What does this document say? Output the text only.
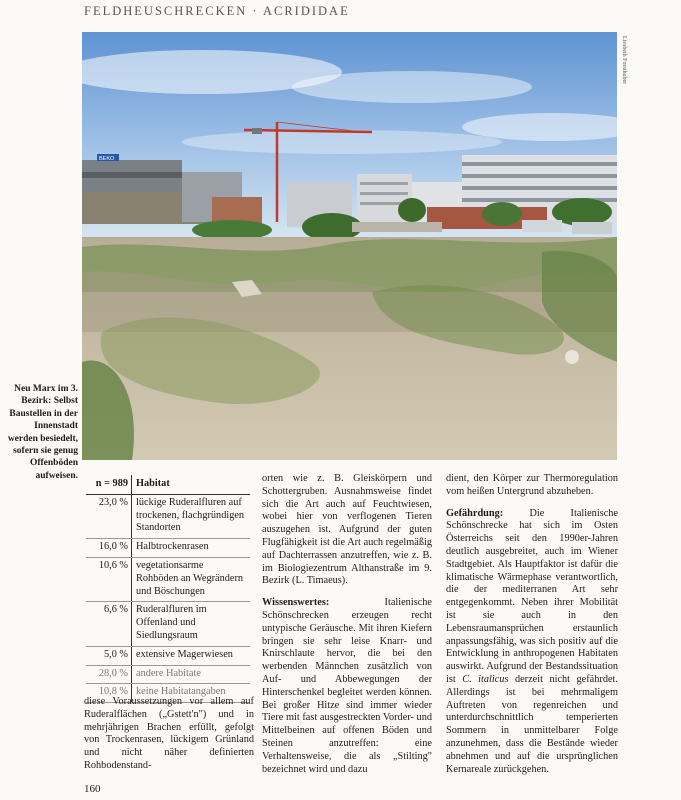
FELDHEUSCHRECKEN · ACRIDIDAE
Liesbeth Forsthuber
BEKO
Neu Marx im 3. Bezirk: Selbst Baustellen in der Innenstadt werden besiedelt, sofern sie genug Offenböden aufweisen.
n = 989	Habitat
23,0 %	lückige Ruderalfluren auf trockenen, flachgründigen Standorten
16,0 %	Halbtrockenrasen
10,6 %	vegetationsarme Rohböden an Wegrändern und Böschungen
6,6 %	Ruderalfluren im Offenland und Siedlungsraum
5,0 %	extensive Magerwiesen
28,0 %	andere Habitate
10,8 %	keine Habitatangaben

diese Voraussetzungen vor allem auf Ruderalflächen („Gstett'n") und in mehrjährigen Brachen erfüllt, gefolgt von Trockenrasen, lückigem Grünland und nicht näher definierten Rohbodenstand-

orten wie z. B. Gleiskörpern und Schottergruben. Ausnahmsweise findet sich die Art auch auf Feuchtwiesen, wobei hier von verflogenen Tieren auszugehen ist. Aufgrund der guten Flugfähigkeit ist die Art auch regelmäßig auf Dachterrassen anzutreffen, wie z. B. im Biologiezentrum Althanstraße im 9. Bezirk (L. Timaeus).

Wissenswertes: Italienische Schönschrecken erzeugen recht untypische Geräusche. Mit ihren Kiefern bringen sie sehr leise Knarr- und Knirschlaute hervor, die bei den werbenden Männchen zusätzlich von Auf- und Abbewegungen der Hinterschenkel begleitet werden können. Bei großer Hitze sind immer wieder Tiere mit fast ausgestreckten Vorder- und Mittelbeinen auf offenen Böden und Steinen anzutreffen: eine Verhaltensweise, die als „Stilting" bezeichnet wird und dazu

dient, den Körper zur Thermoregulation vom heißen Untergrund abzuheben.

Gefährdung: Die Italienische Schönschrecke hat sich im Osten Österreichs seit den 1990er-Jahren deutlich ausgebreitet, auch im Wiener Stadtgebiet. Als Hauptfaktor ist dafür die klimatische Wärmephase verantwortlich, die der mediterranen Art sehr entgegenkommt. Neben ihrer Mobilität ist sie auch in den Lebensraumansprüchen erstaunlich anpassungsfähig, was sich positiv auf die Entwicklung in anthropogenen Habitaten auswirkt. Aufgrund der Bestandssituation ist C. italicus derzeit nicht gefährdet. Allerdings ist bei mehrmaligem Auftreten von regenreichen und unterdurchschnittlich temperierten Sommern in unmittelbarer Folge anzunehmen, dass die Bestände wieder abnehmen und auf die ursprünglichen Kernareale zurückgehen.

160
